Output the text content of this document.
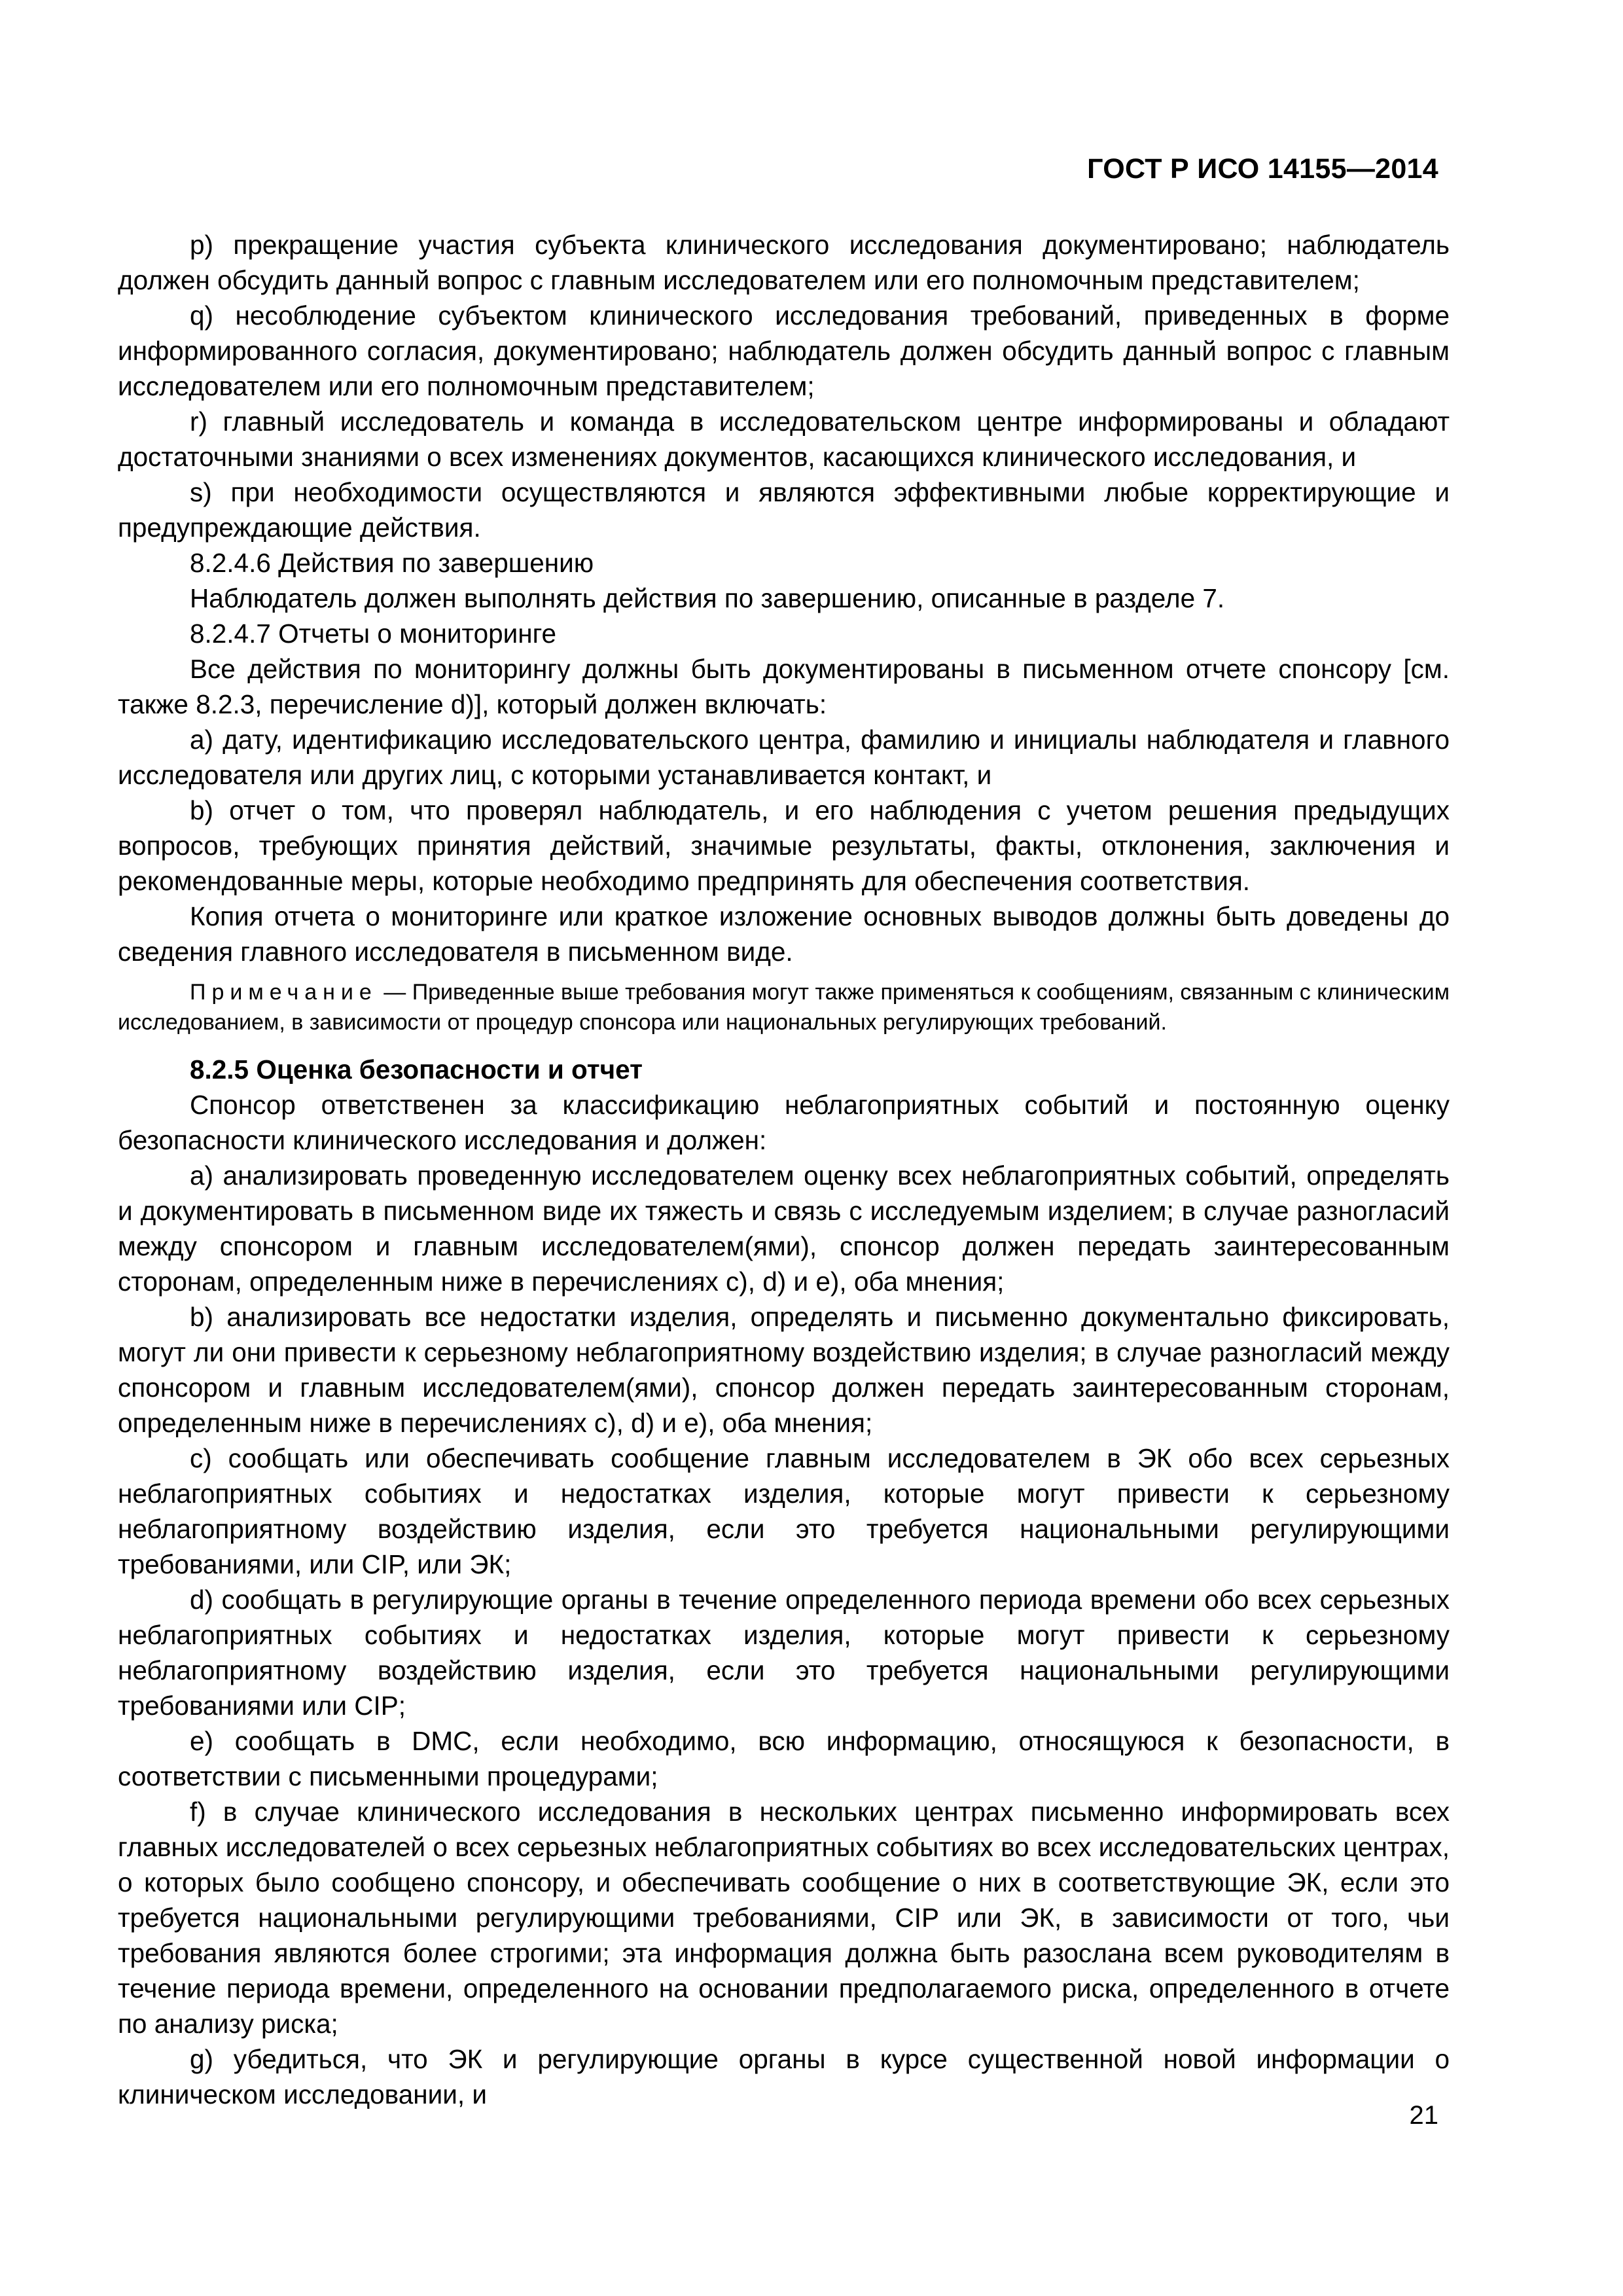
ГОСТ Р ИСО 14155—2014

p) прекращение участия субъекта клинического исследования документировано; наблюдатель должен обсудить данный вопрос с главным исследователем или его полномочным представителем;

q) несоблюдение субъектом клинического исследования требований, приведенных в форме информированного согласия, документировано; наблюдатель должен обсудить данный вопрос с главным исследователем или его полномочным представителем;

r) главный исследователь и команда в исследовательском центре информированы и обладают достаточными знаниями о всех изменениях документов, касающихся клинического исследования, и

s) при необходимости осуществляются и являются эффективными любые корректирующие и предупреждающие действия.

8.2.4.6 Действия по завершению

Наблюдатель должен выполнять действия по завершению, описанные в разделе 7.

8.2.4.7 Отчеты о мониторинге

Все действия по мониторингу должны быть документированы в письменном отчете спонсору [см. также 8.2.3, перечисление d)], который должен включать:

a) дату, идентификацию исследовательского центра, фамилию и инициалы наблюдателя и главного исследователя или других лиц, с которыми устанавливается контакт, и

b) отчет о том, что проверял наблюдатель, и его наблюдения с учетом решения предыдущих вопросов, требующих принятия действий, значимые результаты, факты, отклонения, заключения и рекомендованные меры, которые необходимо предпринять для обеспечения соответствия.

Копия отчета о мониторинге или краткое изложение основных выводов должны быть доведены до сведения главного исследователя в письменном виде.

Примечание — Приведенные выше требования могут также применяться к сообщениям, связанным с клиническим исследованием, в зависимости от процедур спонсора или национальных регулирующих требований.

8.2.5 Оценка безопасности и отчет

Спонсор ответственен за классификацию неблагоприятных событий и постоянную оценку безопасности клинического исследования и должен:

a) анализировать проведенную исследователем оценку всех неблагоприятных событий, определять и документировать в письменном виде их тяжесть и связь с исследуемым изделием; в случае разногласий между спонсором и главным исследователем(ями), спонсор должен передать заинтересованным сторонам, определенным ниже в перечислениях c), d) и e), оба мнения;

b) анализировать все недостатки изделия, определять и письменно документально фиксировать, могут ли они привести к серьезному неблагоприятному воздействию изделия; в случае разногласий между спонсором и главным исследователем(ями), спонсор должен передать заинтересованным сторонам, определенным ниже в перечислениях c), d) и e), оба мнения;

c) сообщать или обеспечивать сообщение главным исследователем в ЭК обо всех серьезных неблагоприятных событиях и недостатках изделия, которые могут привести к серьезному неблагоприятному воздействию изделия, если это требуется национальными регулирующими требованиями, или CIP, или ЭК;

d) сообщать в регулирующие органы в течение определенного периода времени обо всех серьезных неблагоприятных событиях и недостатках изделия, которые могут привести к серьезному неблагоприятному воздействию изделия, если это требуется национальными регулирующими требованиями или CIP;

e) сообщать в DMC, если необходимо, всю информацию, относящуюся к безопасности, в соответствии с письменными процедурами;

f) в случае клинического исследования в нескольких центрах письменно информировать всех главных исследователей о всех серьезных неблагоприятных событиях во всех исследовательских центрах, о которых было сообщено спонсору, и обеспечивать сообщение о них в соответствующие ЭК, если это требуется национальными регулирующими требованиями, CIP или ЭК, в зависимости от того, чьи требования являются более строгими; эта информация должна быть разослана всем руководителям в течение периода времени, определенного на основании предполагаемого риска, определенного в отчете по анализу риска;

g) убедиться, что ЭК и регулирующие органы в курсе существенной новой информации о клиническом исследовании, и

21
